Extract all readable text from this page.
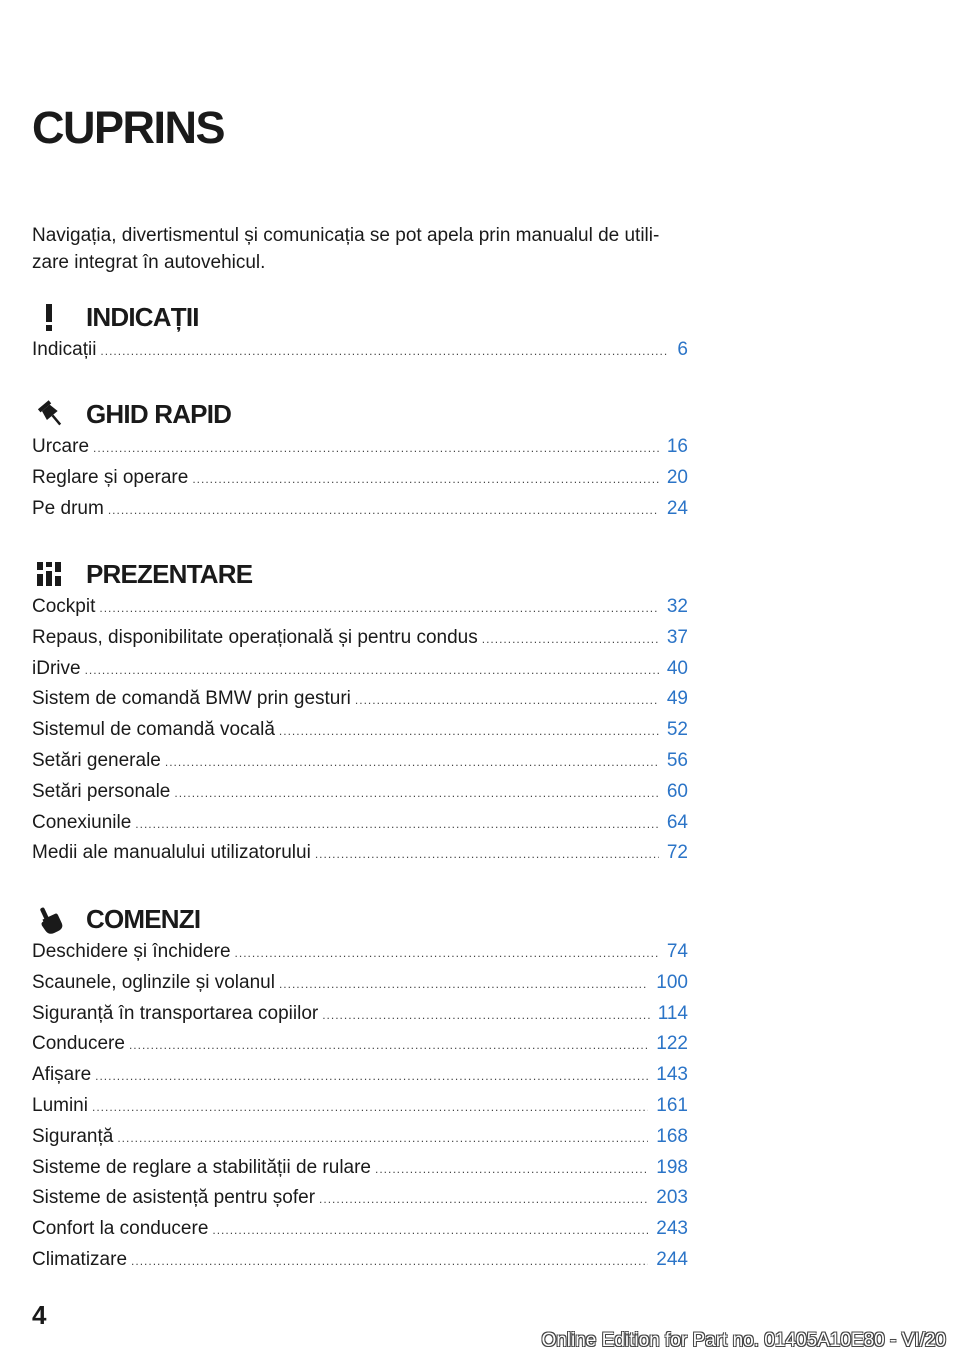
CUPRINS
Navigația, divertismentul și comunicația se pot apela prin manualul de utili-zare integrat în autovehicul.
INDICAȚII
Indicații .....	6
GHID RAPID
Urcare .....	16
Reglare și operare .....	20
Pe drum .....	24
PREZENTARE
Cockpit .....	32
Repaus, disponibilitate operațională și pentru condus .....	37
iDrive .....	40
Sistem de comandă BMW prin gesturi .....	49
Sistemul de comandă vocală .....	52
Setări generale .....	56
Setări personale .....	60
Conexiunile .....	64
Medii ale manualului utilizatorului .....	72
COMENZI
Deschidere și închidere .....	74
Scaunele, oglinzile și volanul .....	100
Siguranță în transportarea copiilor .....	114
Conducere .....	122
Afișare .....	143
Lumini .....	161
Siguranță .....	168
Sisteme de reglare a stabilității de rulare .....	198
Sisteme de asistență pentru șofer .....	203
Confort la conducere .....	243
Climatizare .....	244
4
Online Edition for Part no. 01405A10E80 - VI/20
